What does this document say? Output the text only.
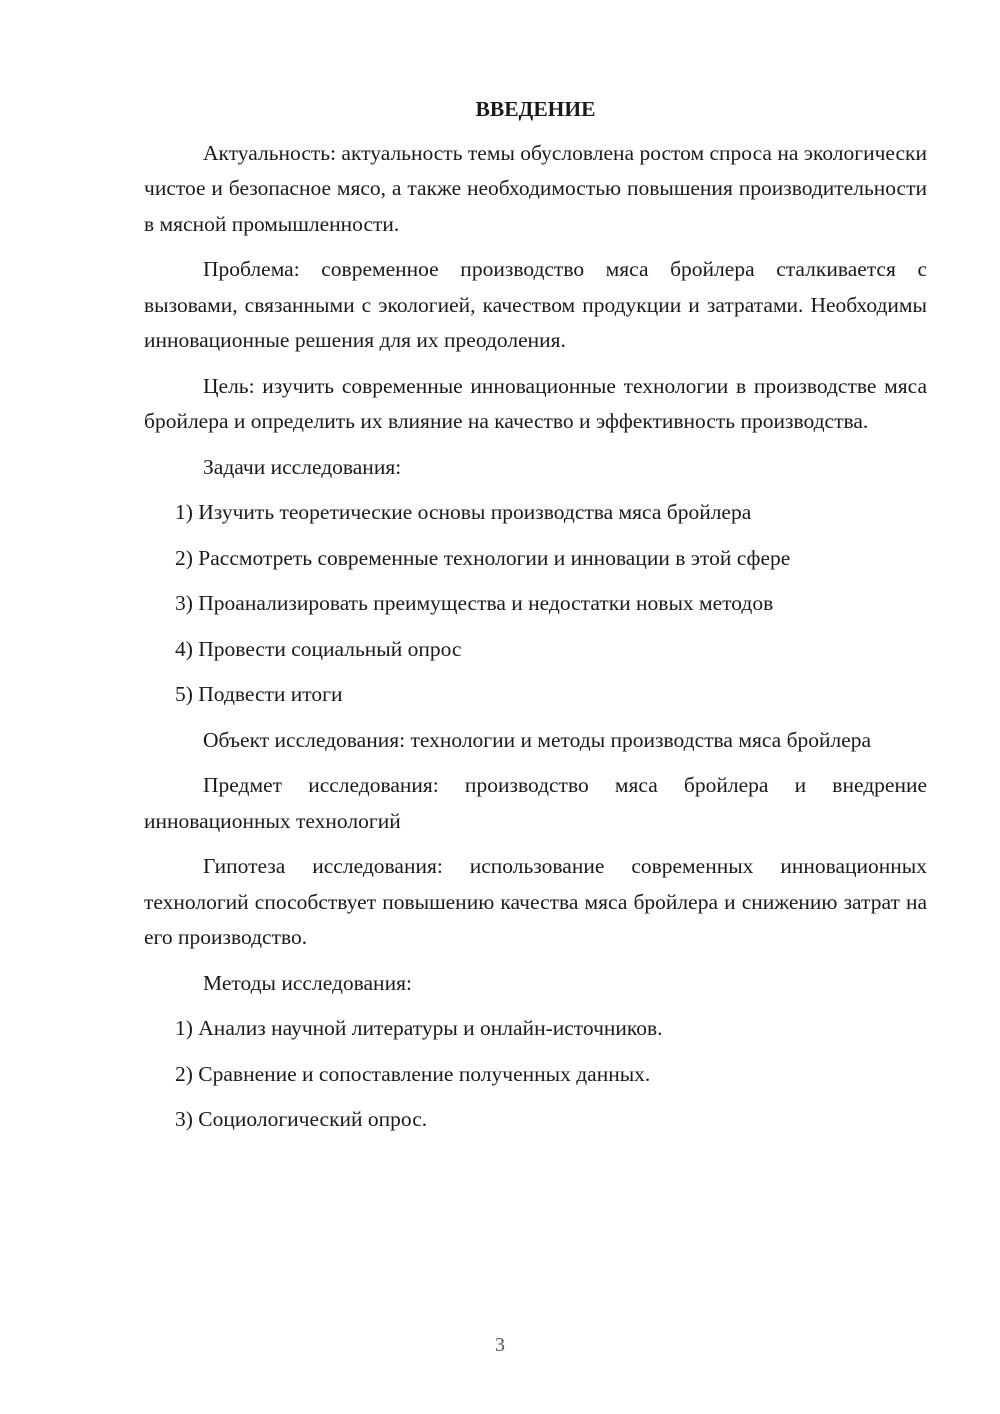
ВВЕДЕНИЕ

Актуальность: актуальность темы обусловлена ростом спроса на экологически чистое и безопасное мясо, а также необходимостью повышения производительности в мясной промышленности.

Проблема: современное производство мяса бройлера сталкивается с вызовами, связанными с экологией, качеством продукции и затратами. Необходимы инновационные решения для их преодоления.

Цель: изучить современные инновационные технологии в производстве мяса бройлера и определить их влияние на качество и эффективность производства.

Задачи исследования:

1) Изучить теоретические основы производства мяса бройлера
2) Рассмотреть современные технологии и инновации в этой сфере
3) Проанализировать преимущества и недостатки новых методов
4) Провести социальный опрос
5) Подвести итоги

Объект исследования: технологии и методы производства мяса бройлера

Предмет исследования: производство мяса бройлера и внедрение инновационных технологий

Гипотеза исследования: использование современных инновационных технологий способствует повышению качества мяса бройлера и снижению затрат на его производство.

Методы исследования:

1) Анализ научной литературы и онлайн-источников.
2) Сравнение и сопоставление полученных данных.
3) Социологический опрос.
3
